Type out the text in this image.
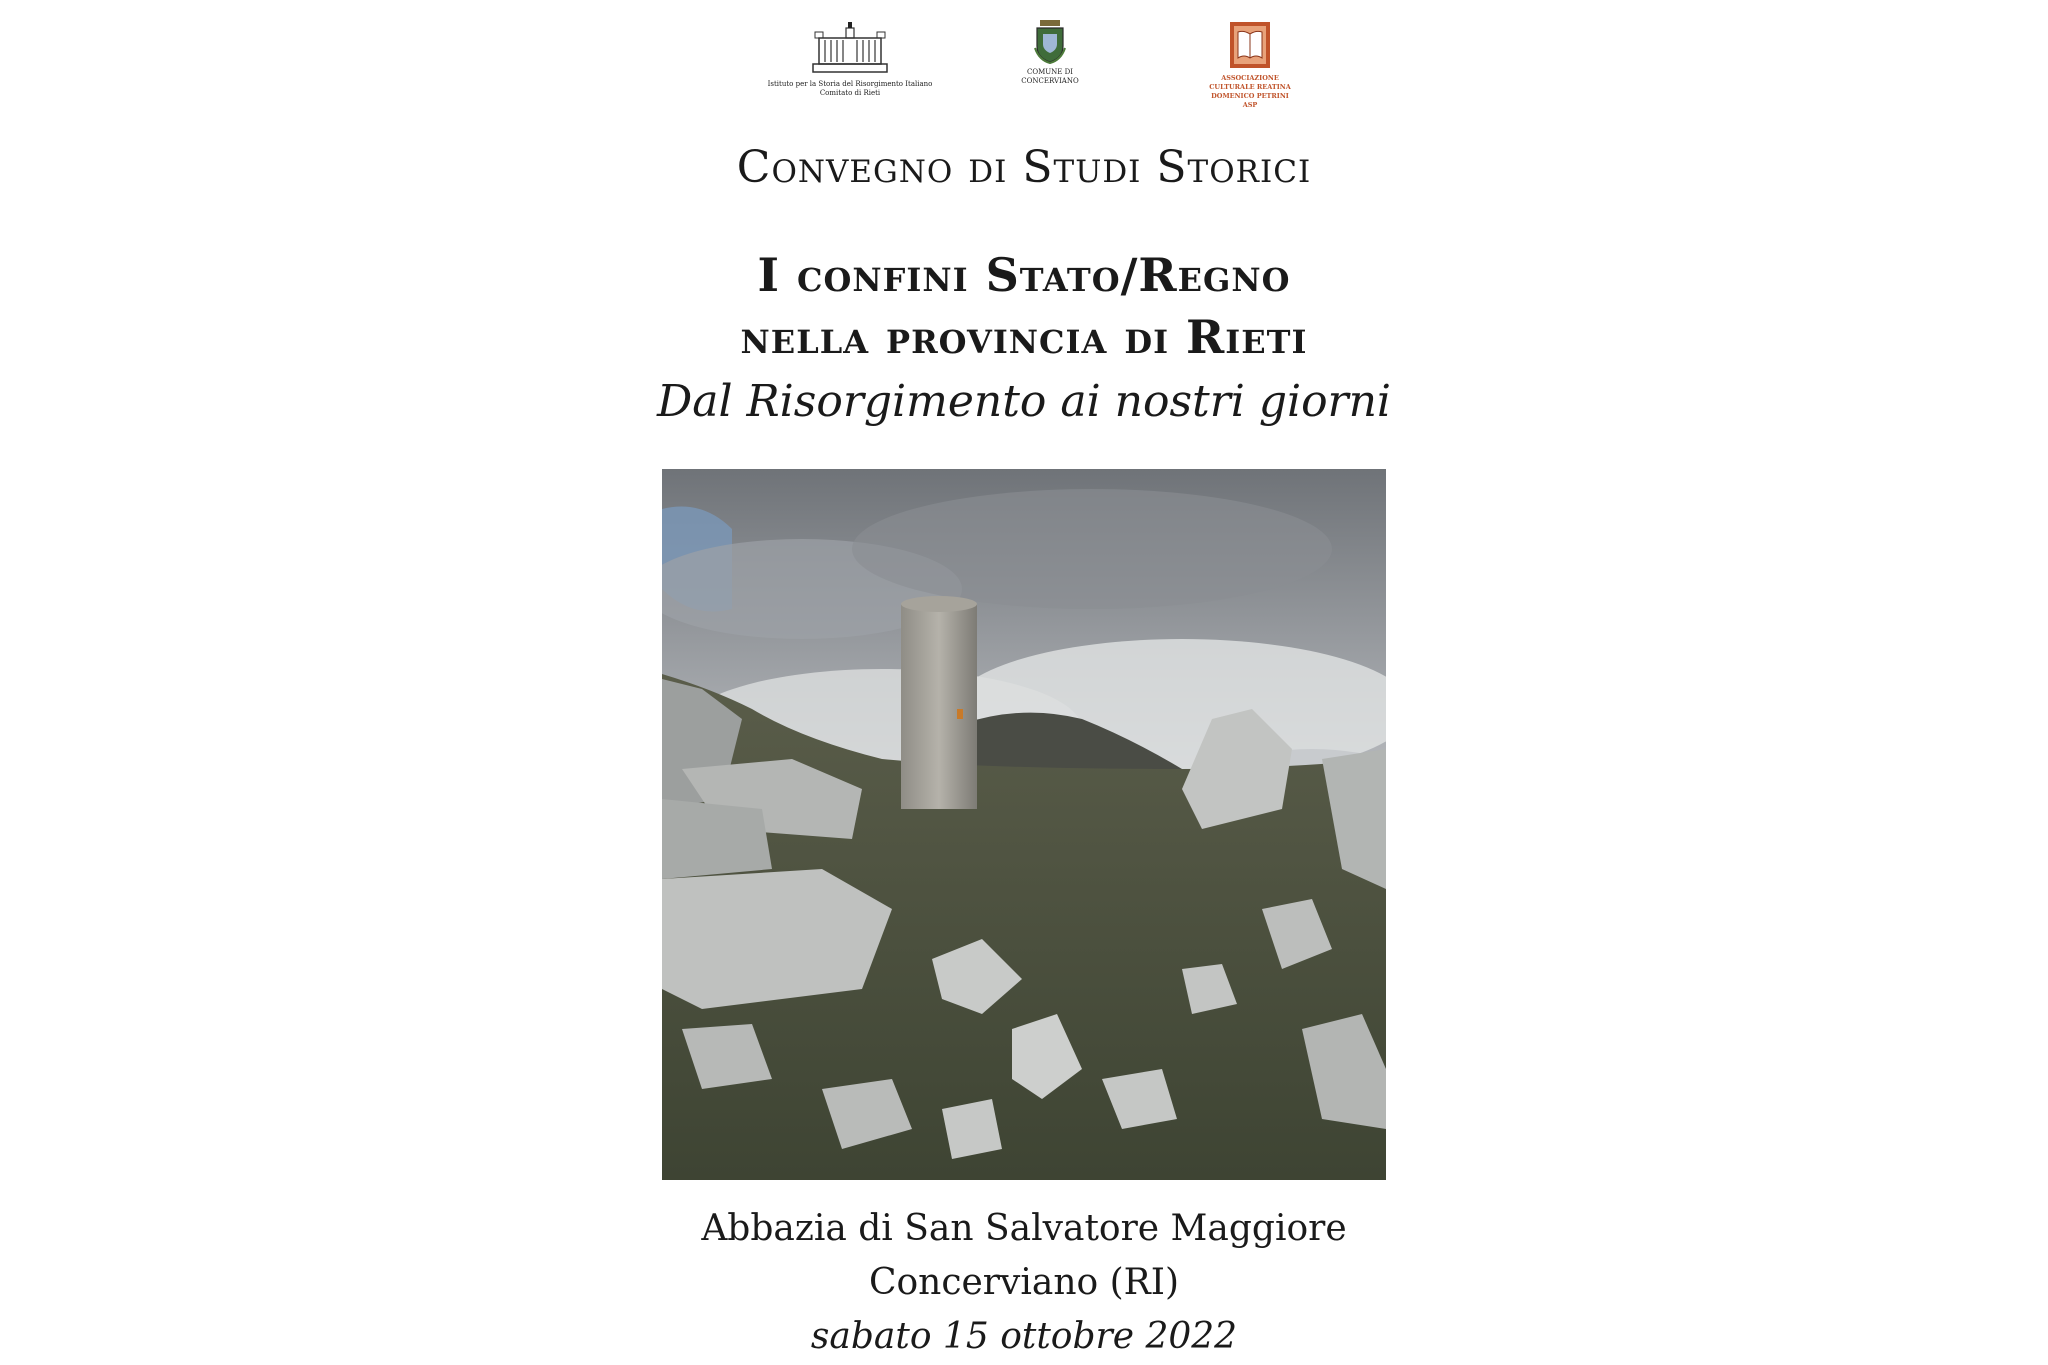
Istituto per la Storia del Risorgimento Italiano
Comitato di Rieti
COMUNE DI
CONCERVIANO	ASSOCIAZIONE
CULTURALE REATINA
DOMENICO PETRINI
ASP
Convegno di Studi Storici
I confini Stato/Regno
nella provincia di Rieti
Dal Risorgimento ai nostri giorni
Abbazia di San Salvatore Maggiore
Concerviano (RI)
sabato 15 ottobre 2022
